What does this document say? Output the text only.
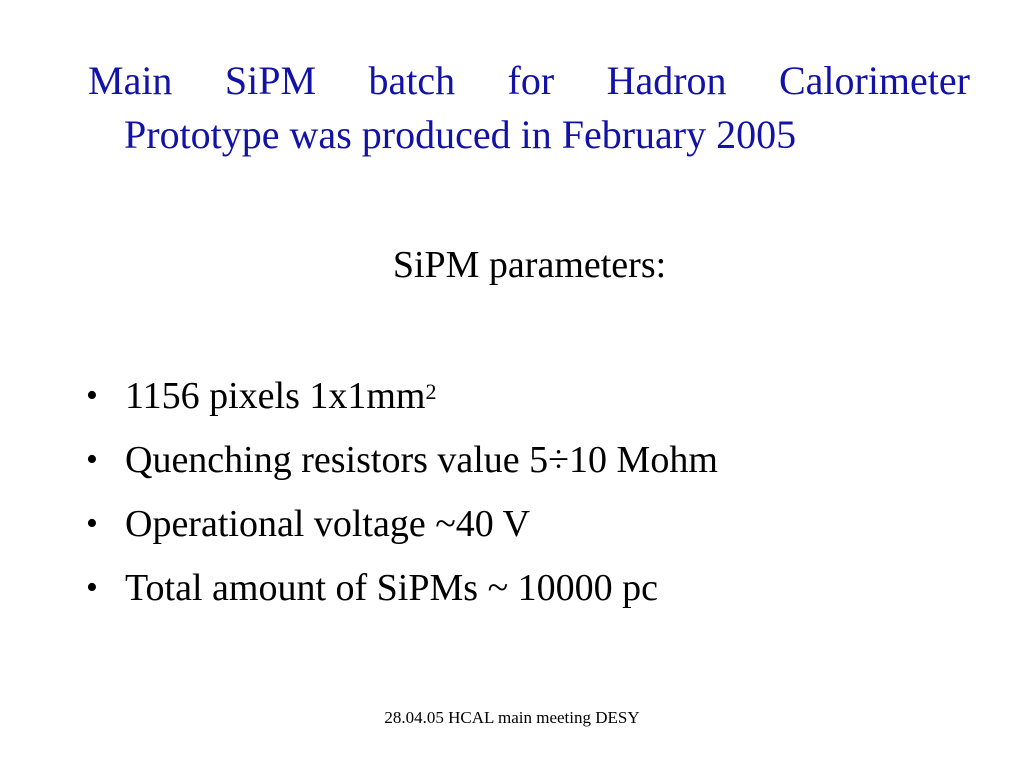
Main SiPM batch for Hadron Calorimeter
Prototype was produced in February 2005
SiPM parameters:
• 1156 pixels $1x1mm^2$
• Quenching resistors value 5÷10 Mohm
• Operational voltage ~40 V
• Total amount of SiPMs ~ 10000 pc
28.04.05 HCAL main meeting DESY
